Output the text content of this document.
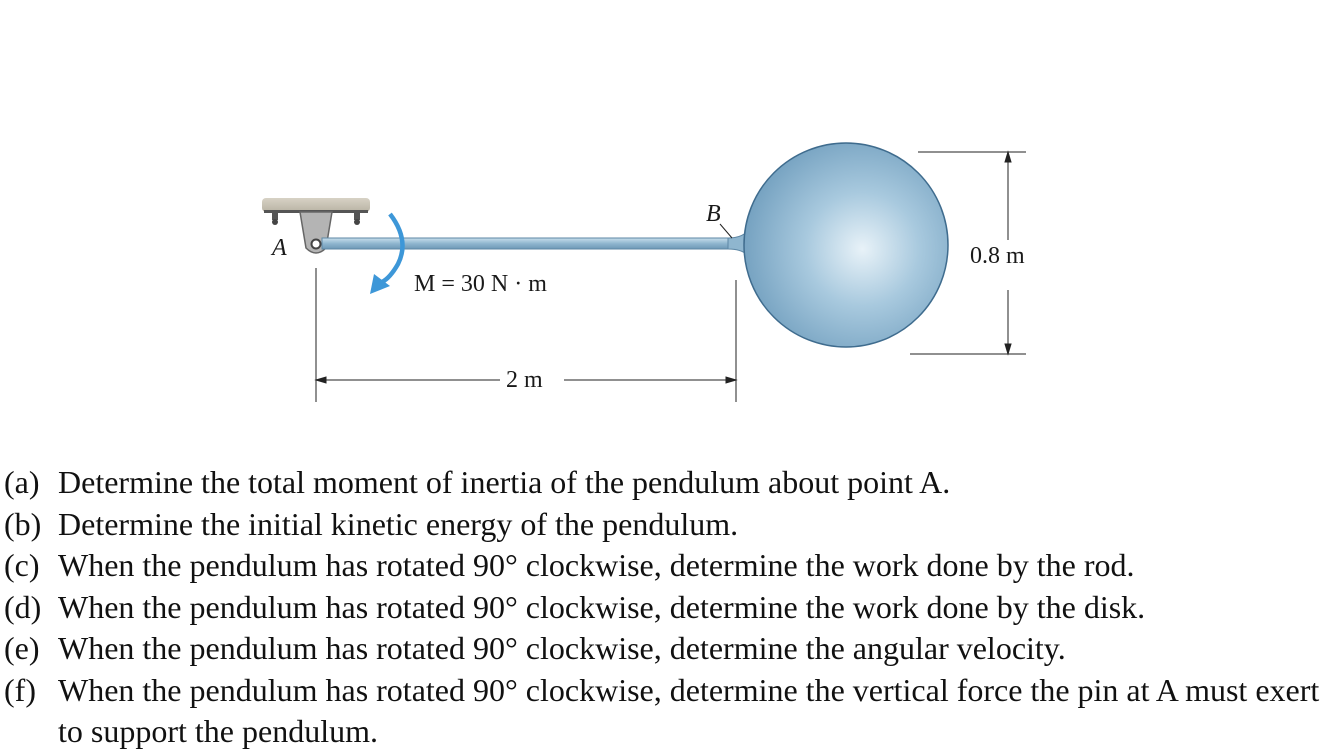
A
B
M = 30 N · m
2 m
0.8 m
(a) Determine the total moment of inertia of the pendulum about point A.
(b) Determine the initial kinetic energy of the pendulum.
(c) When the pendulum has rotated 90° clockwise, determine the work done by the rod.
(d) When the pendulum has rotated 90° clockwise, determine the work done by the disk.
(e) When the pendulum has rotated 90° clockwise, determine the angular velocity.
(f) When the pendulum has rotated 90° clockwise, determine the vertical force the pin at A must exert to support the pendulum.
